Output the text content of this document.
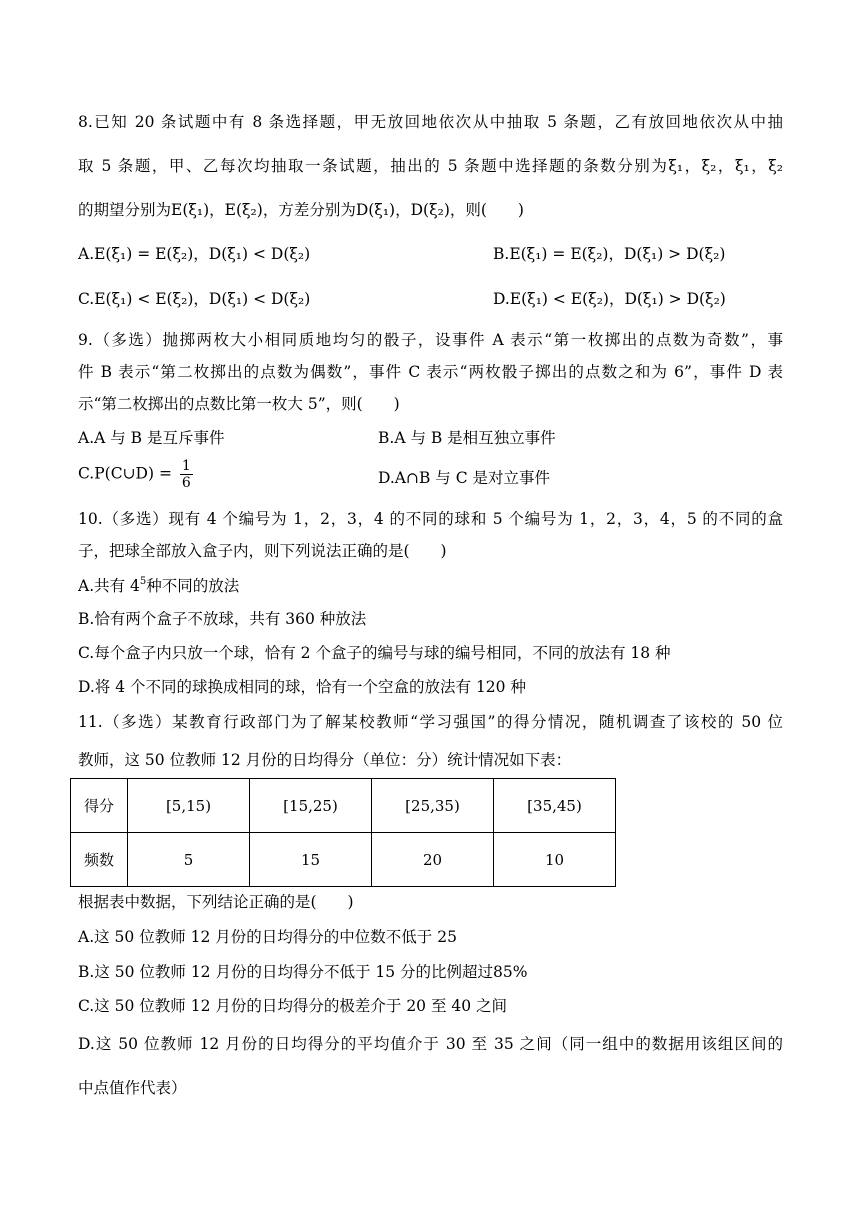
8.已知 20 条试题中有 8 条选择题，甲无放回地依次从中抽取 5 条题，乙有放回地依次从中抽
取 5 条题，甲、乙每次均抽取一条试题，抽出的 5 条题中选择题的条数分别为ξ₁，ξ₂，ξ₁，ξ₂
的期望分别为E(ξ₁)，E(ξ₂)，方差分别为D(ξ₁)，D(ξ₂)，则(　　)
A.E(ξ₁) = E(ξ₂)，D(ξ₁) < D(ξ₂)	B.E(ξ₁) = E(ξ₂)，D(ξ₁) > D(ξ₂)
C.E(ξ₁) < E(ξ₂)，D(ξ₁) < D(ξ₂)	D.E(ξ₁) < E(ξ₂)，D(ξ₁) > D(ξ₂)
9.（多选）抛掷两枚大小相同质地均匀的骰子，设事件 A 表示“第一枚掷出的点数为奇数”，事
件 B 表示“第二枚掷出的点数为偶数”，事件 C 表示“两枚骰子掷出的点数之和为 6”，事件 D 表
示“第二枚掷出的点数比第一枚大 5”，则(　　)
A.A 与 B 是互斥事件	B.A 与 B 是相互独立事件
C.P(C∪D) = $\frac{1}{6}$	D.A∩B 与 C 是对立事件
10.（多选）现有 4 个编号为 1，2，3，4 的不同的球和 5 个编号为 1，2，3，4，5 的不同的盒
子，把球全部放入盒子内，则下列说法正确的是(　　)
A.共有 $4^5$种不同的放法
B.恰有两个盒子不放球，共有 360 种放法
C.每个盒子内只放一个球，恰有 2 个盒子的编号与球的编号相同，不同的放法有 18 种
D.将 4 个不同的球换成相同的球，恰有一个空盒的放法有 120 种
11.（多选）某教育行政部门为了解某校教师“学习强国”的得分情况，随机调查了该校的 50 位
教师，这 50 位教师 12 月份的日均得分（单位：分）统计情况如下表：
得分	[5,15)	[15,25)	[25,35)	[35,45)
频数	5	15	20	10
根据表中数据，下列结论正确的是(　　)
A.这 50 位教师 12 月份的日均得分的中位数不低于 25
B.这 50 位教师 12 月份的日均得分不低于 15 分的比例超过85%
C.这 50 位教师 12 月份的日均得分的极差介于 20 至 40 之间
D.这 50 位教师 12 月份的日均得分的平均值介于 30 至 35 之间（同一组中的数据用该组区间的
中点值作代表）
